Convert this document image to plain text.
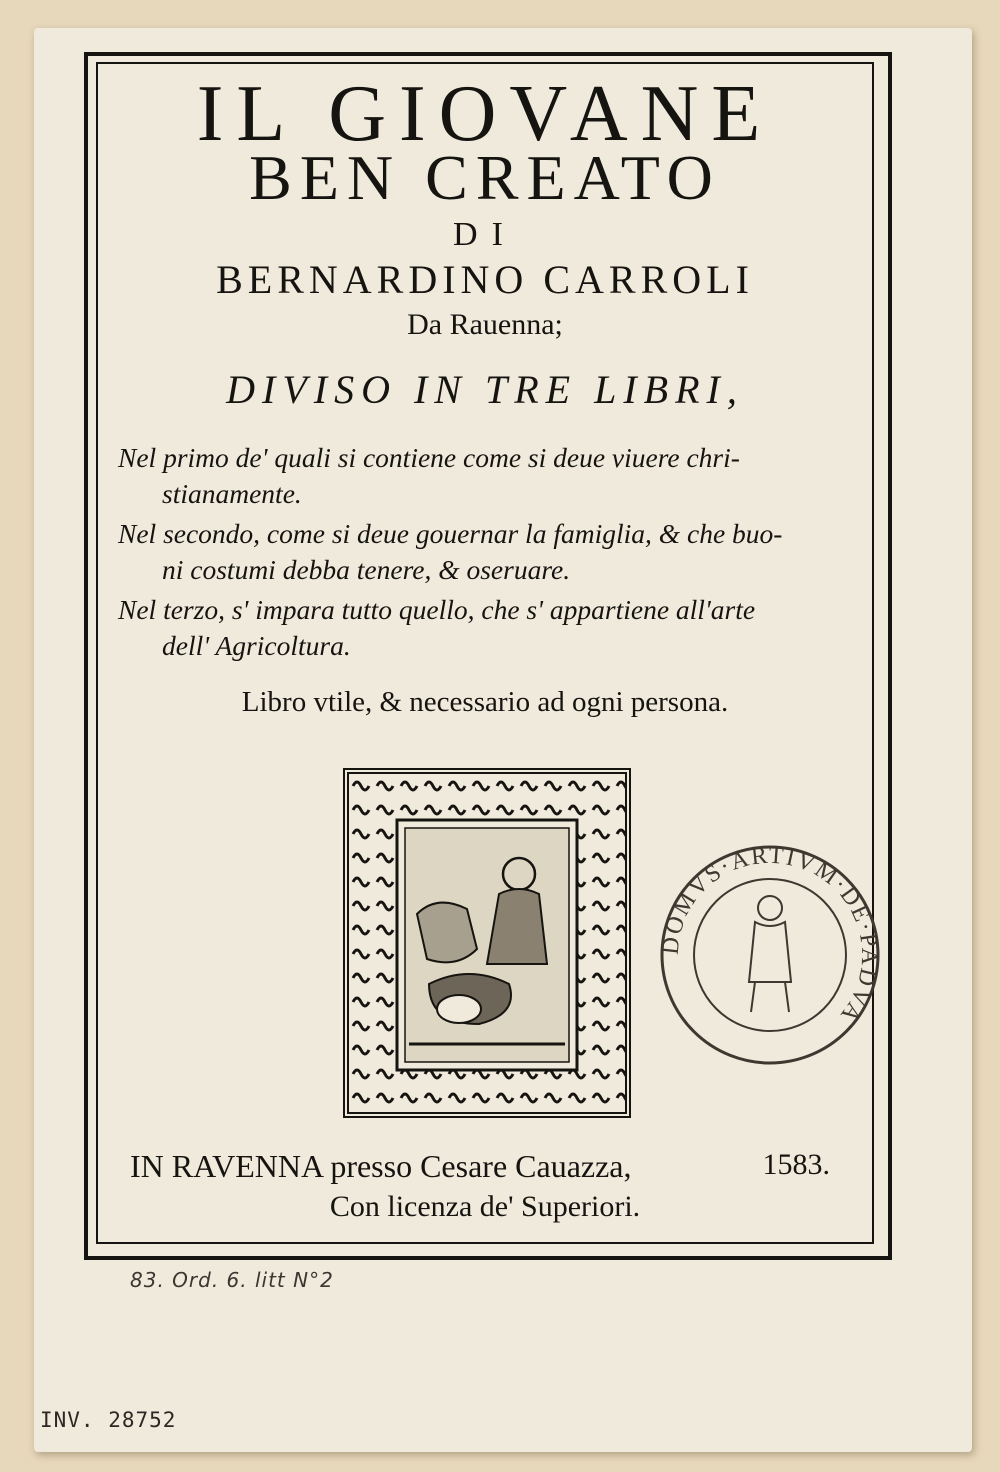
IL GIOVANE
BEN CREATO
DI
BERNARDINO CARROLI
Da Rauenna;
DIVISO IN TRE LIBRI,

Nel primo de' quali si contiene come si deue viuere chri-
stianamente.

Nel secondo, come si deue gouernar la famiglia, & che buo-
ni costumi debba tenere, & oseruare.

Nel terzo, s' impara tutto quello, che s' appartiene all'arte
dell' Agricoltura.

Libro vtile, & necessario ad ogni persona.
IN RAVENNA presso Cesare Cauazza,	1583.
Con licenza de' Superiori.
DOMVS·ARTIVM·DE·PADVA
83. Ord. 6. litt N°2
INV. 28752
